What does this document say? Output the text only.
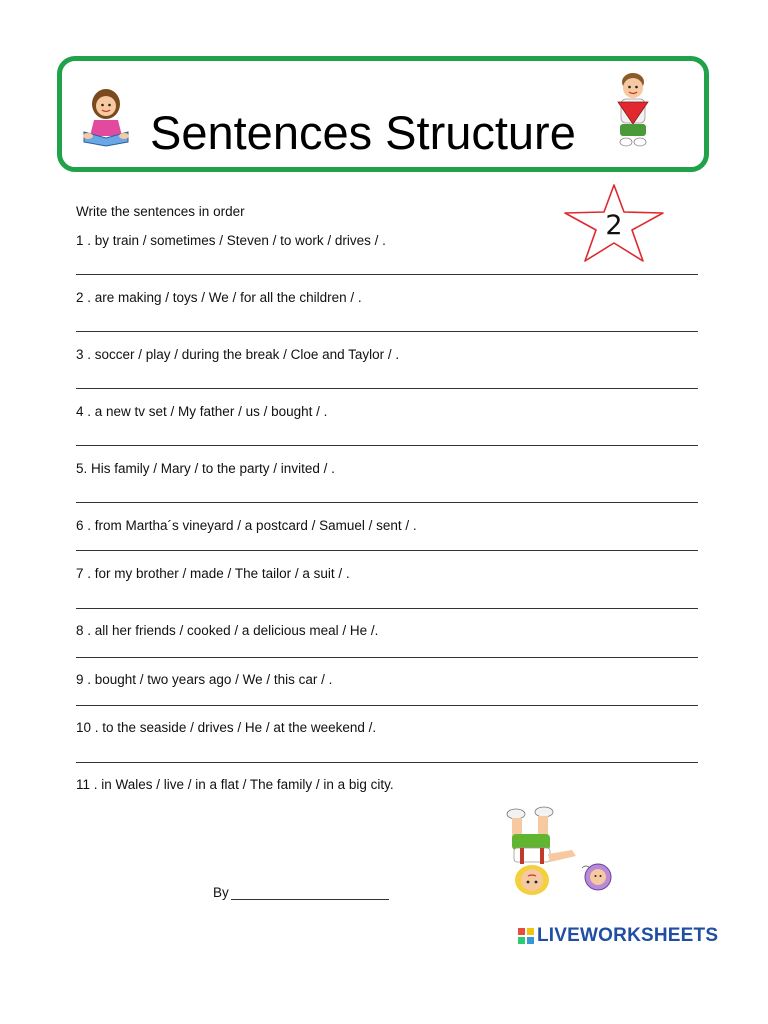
Sentences Structure
2
Write the sentences in order
1 . by train / sometimes / Steven / to work / drives / .
2 . are making / toys / We / for all the children / .
3 . soccer / play / during the break / Cloe and Taylor / .
4 . a new tv set / My father / us / bought / .
5. His family / Mary / to the party / invited / .
6 . from Martha´s vineyard / a postcard / Samuel / sent / .
7 . for my brother / made / The tailor / a suit / .
8 . all her friends / cooked / a delicious meal / He /.
9 . bought / two years ago / We / this car / .
10 . to the seaside / drives / He / at the weekend /.
11 . in Wales / live / in a flat / The family / in a big city.
By
LIVEWORKSHEETS
